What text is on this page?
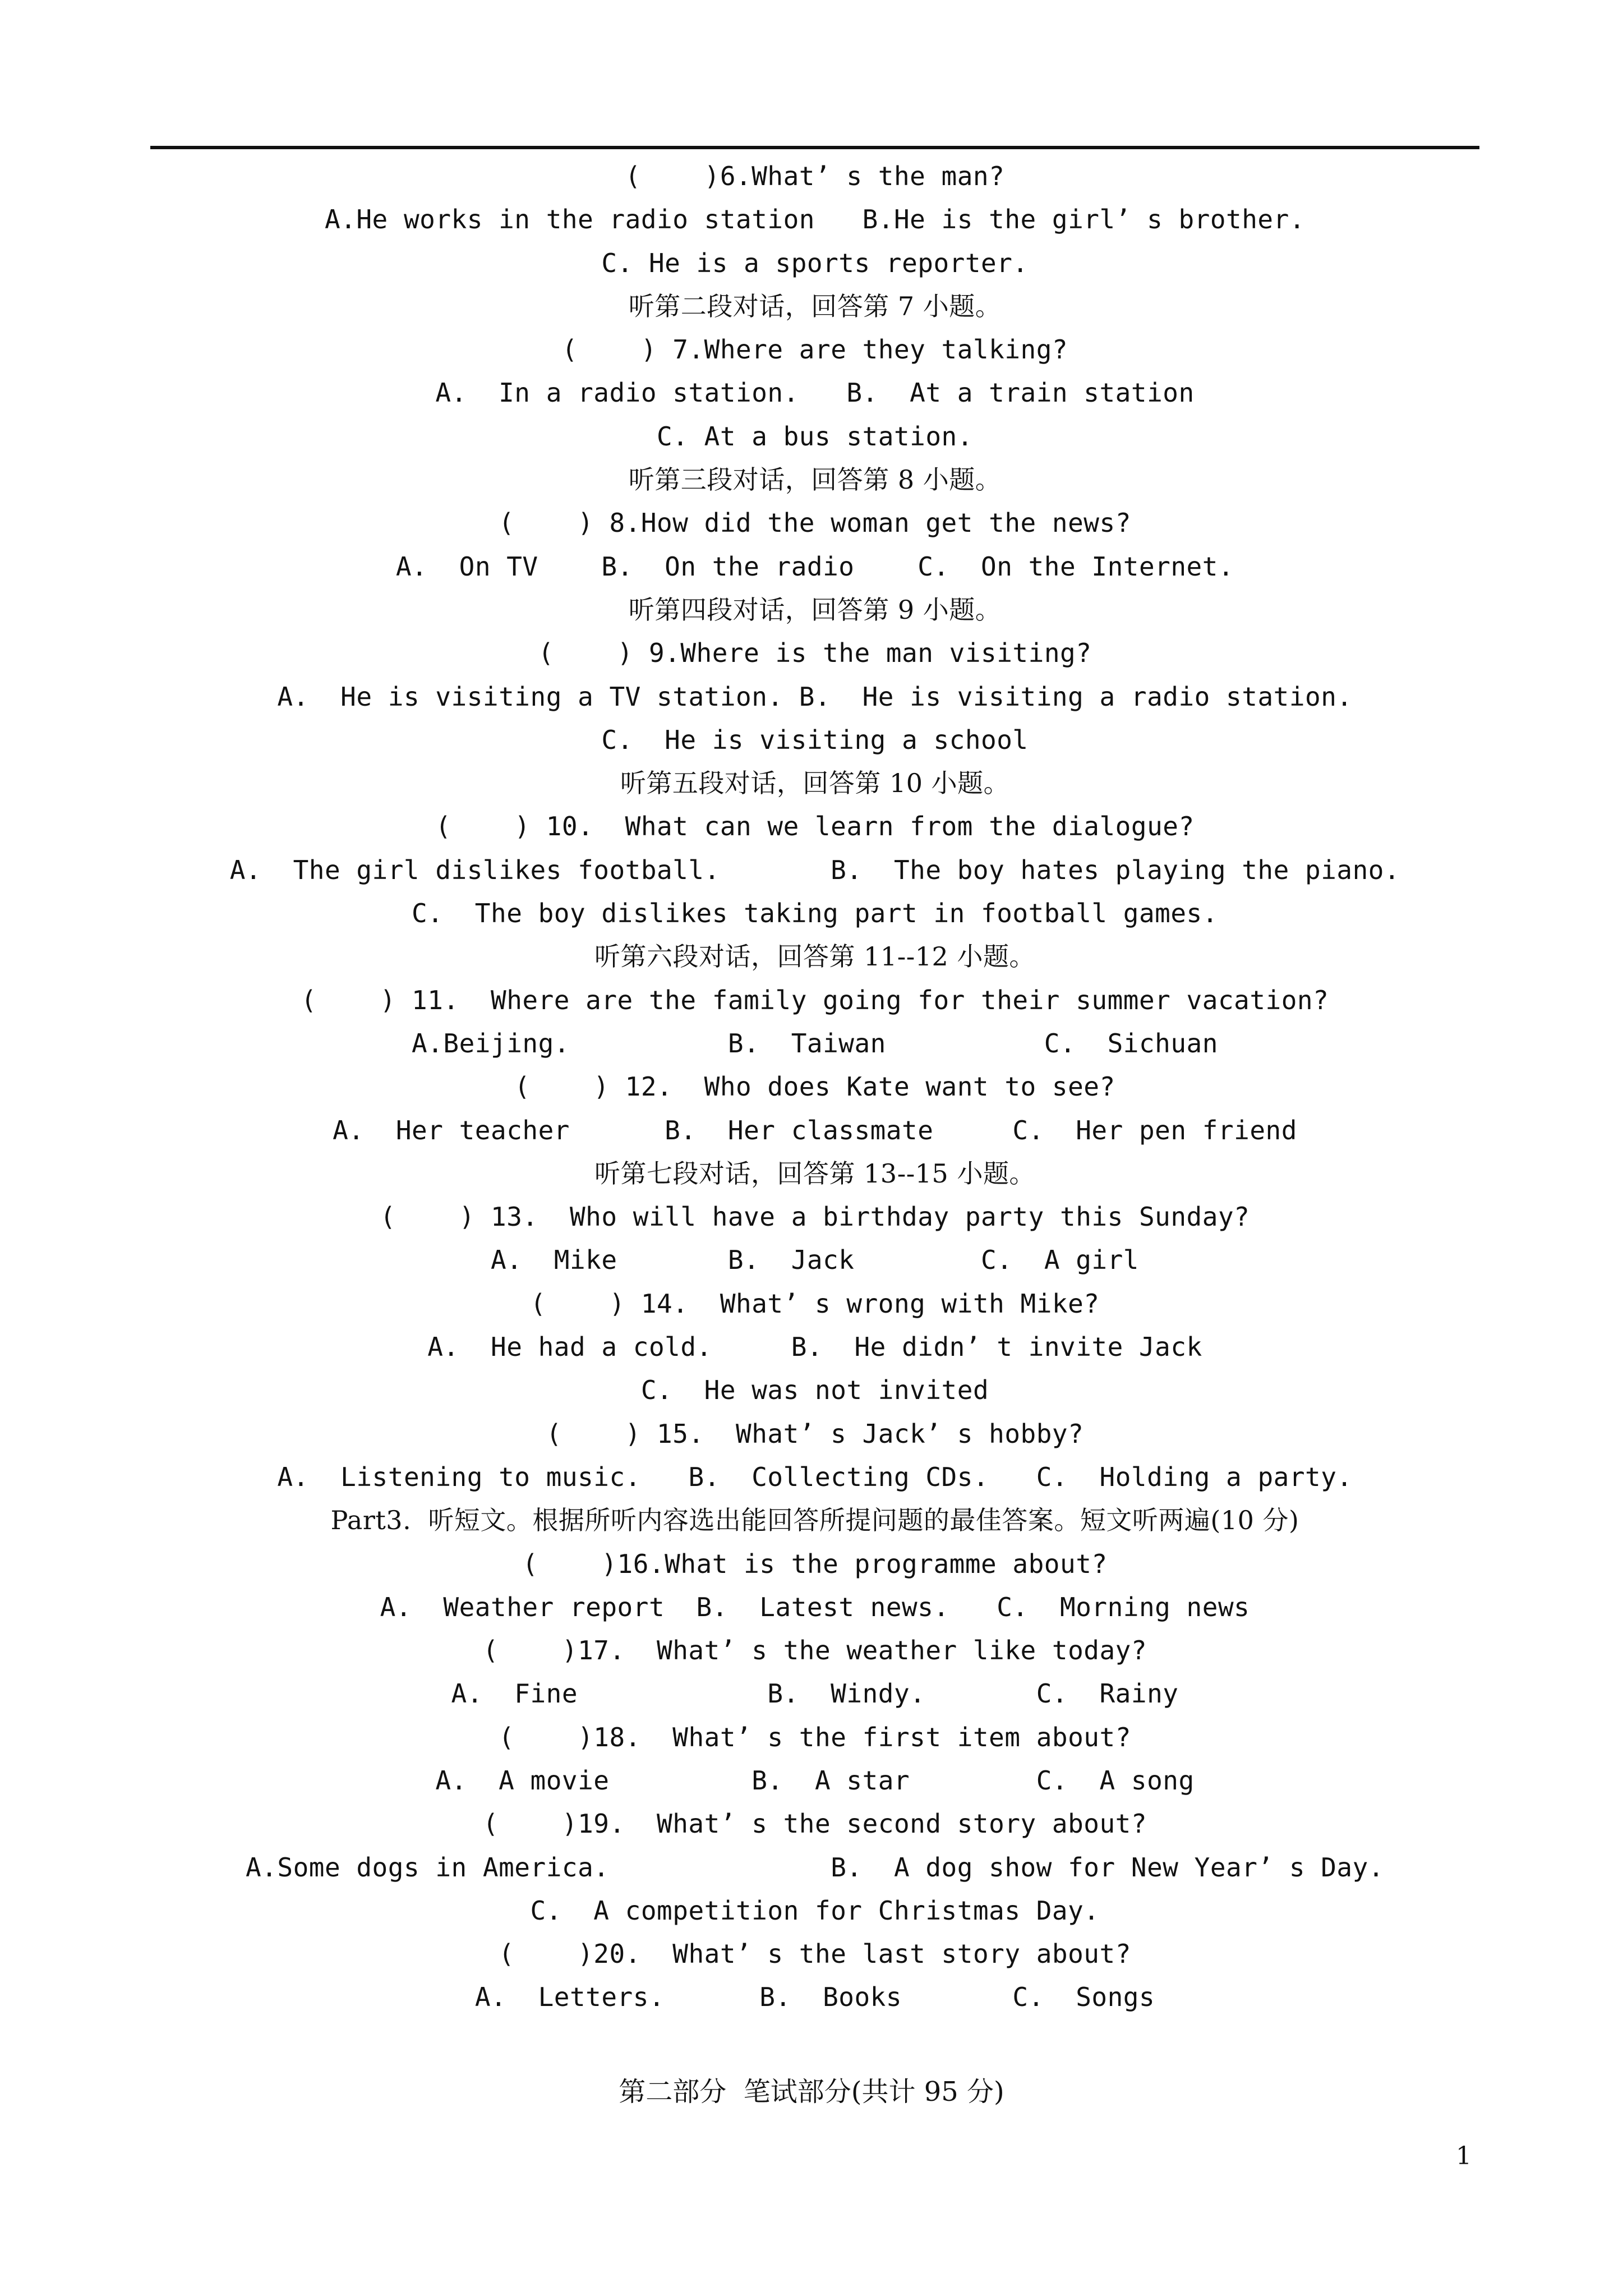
(    )6.What’ s the man?
A.He works in the radio station   B.He is the girl’ s brother.
C. He is a sports reporter.
听第二段对话，回答第 7 小题。
(    ) 7.Where are they talking?
A.  In a radio station.   B.  At a train station
C. At a bus station.
听第三段对话，回答第 8 小题。
(    ) 8.How did the woman get the news?
A.  On TV    B.  On the radio    C.  On the Internet.
听第四段对话，回答第 9 小题。
(    ) 9.Where is the man visiting?
A.  He is visiting a TV station. B.  He is visiting a radio station.
C.  He is visiting a school
听第五段对话，回答第 10 小题。
(    ) 10.  What can we learn from the dialogue?
A.  The girl dislikes football.       B.  The boy hates playing the piano.
C.  The boy dislikes taking part in football games.
听第六段对话，回答第 11--12 小题。
(    ) 11.  Where are the family going for their summer vacation?
A.Beijing.          B.  Taiwan          C.  Sichuan
(    ) 12.  Who does Kate want to see?
A.  Her teacher      B.  Her classmate     C.  Her pen friend
听第七段对话，回答第 13--15 小题。
(    ) 13.  Who will have a birthday party this Sunday?
A.  Mike       B.  Jack        C.  A girl
(    ) 14.  What’ s wrong with Mike?
A.  He had a cold.     B.  He didn’ t invite Jack
C.  He was not invited
(    ) 15.  What’ s Jack’ s hobby?
A.  Listening to music.   B.  Collecting CDs.   C.  Holding a party.
Part3.  听短文。根据所听内容选出能回答所提问题的最佳答案。短文听两遍(10 分)
(    )16.What is the programme about?
A.  Weather report  B.  Latest news.   C.  Morning news
(    )17.  What’ s the weather like today?
A.  Fine            B.  Windy.       C.  Rainy
(    )18.  What’ s the first item about?
A.  A movie         B.  A star        C.  A song
(    )19.  What’ s the second story about?
A.Some dogs in America.              B.  A dog show for New Year’ s Day.
C.  A competition for Christmas Day.
(    )20.  What’ s the last story about?
A.  Letters.      B.  Books       C.  Songs
第二部分  笔试部分(共计 95 分)
1
